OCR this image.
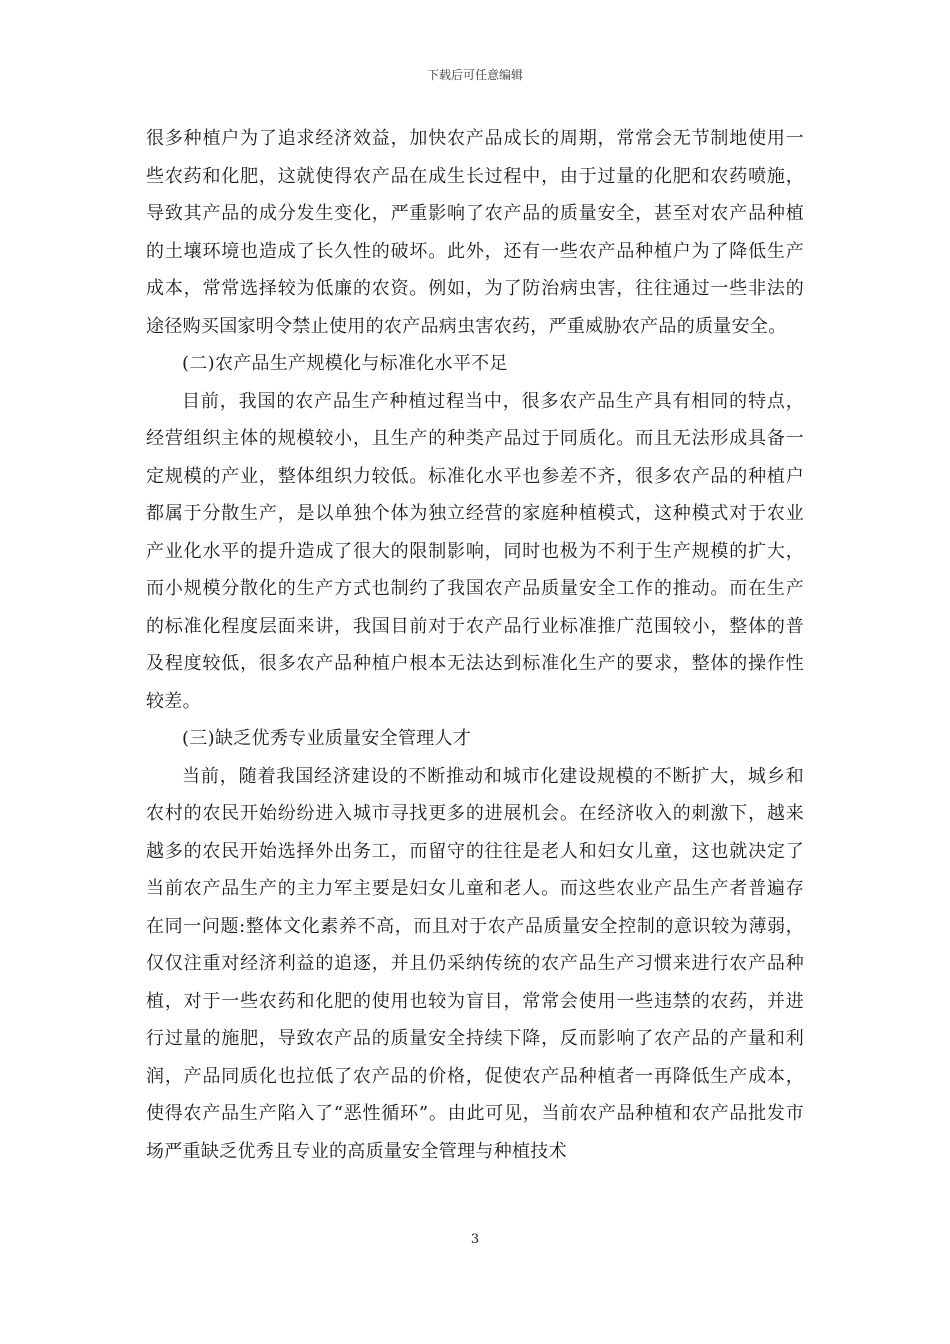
下载后可任意编辑

很多种植户为了追求经济效益，加快农产品成长的周期，常常会无节制地使用一些农药和化肥，这就使得农产品在成生长过程中，由于过量的化肥和农药喷施，导致其产品的成分发生变化，严重影响了农产品的质量安全，甚至对农产品种植的土壤环境也造成了长久性的破坏。此外，还有一些农产品种植户为了降低生产成本，常常选择较为低廉的农资。例如，为了防治病虫害，往往通过一些非法的途径购买国家明令禁止使用的农产品病虫害农药，严重威胁农产品的质量安全。

(二)农产品生产规模化与标准化水平不足

目前，我国的农产品生产种植过程当中，很多农产品生产具有相同的特点，经营组织主体的规模较小，且生产的种类产品过于同质化。而且无法形成具备一定规模的产业，整体组织力较低。标准化水平也参差不齐，很多农产品的种植户都属于分散生产，是以单独个体为独立经营的家庭种植模式，这种模式对于农业产业化水平的提升造成了很大的限制影响，同时也极为不利于生产规模的扩大，而小规模分散化的生产方式也制约了我国农产品质量安全工作的推动。而在生产的标准化程度层面来讲，我国目前对于农产品行业标准推广范围较小，整体的普及程度较低，很多农产品种植户根本无法达到标准化生产的要求，整体的操作性较差。

(三)缺乏优秀专业质量安全管理人才

当前，随着我国经济建设的不断推动和城市化建设规模的不断扩大，城乡和农村的农民开始纷纷进入城市寻找更多的进展机会。在经济收入的刺激下，越来越多的农民开始选择外出务工，而留守的往往是老人和妇女儿童，这也就决定了当前农产品生产的主力军主要是妇女儿童和老人。而这些农业产品生产者普遍存在同一问题:整体文化素养不高，而且对于农产品质量安全控制的意识较为薄弱，仅仅注重对经济利益的追逐，并且仍采纳传统的农产品生产习惯来进行农产品种植，对于一些农药和化肥的使用也较为盲目，常常会使用一些违禁的农药，并进行过量的施肥，导致农产品的质量安全持续下降，反而影响了农产品的产量和利润，产品同质化也拉低了农产品的价格，促使农产品种植者一再降低生产成本，使得农产品生产陷入了“恶性循环”。由此可见，当前农产品种植和农产品批发市场严重缺乏优秀且专业的高质量安全管理与种植技术

3
